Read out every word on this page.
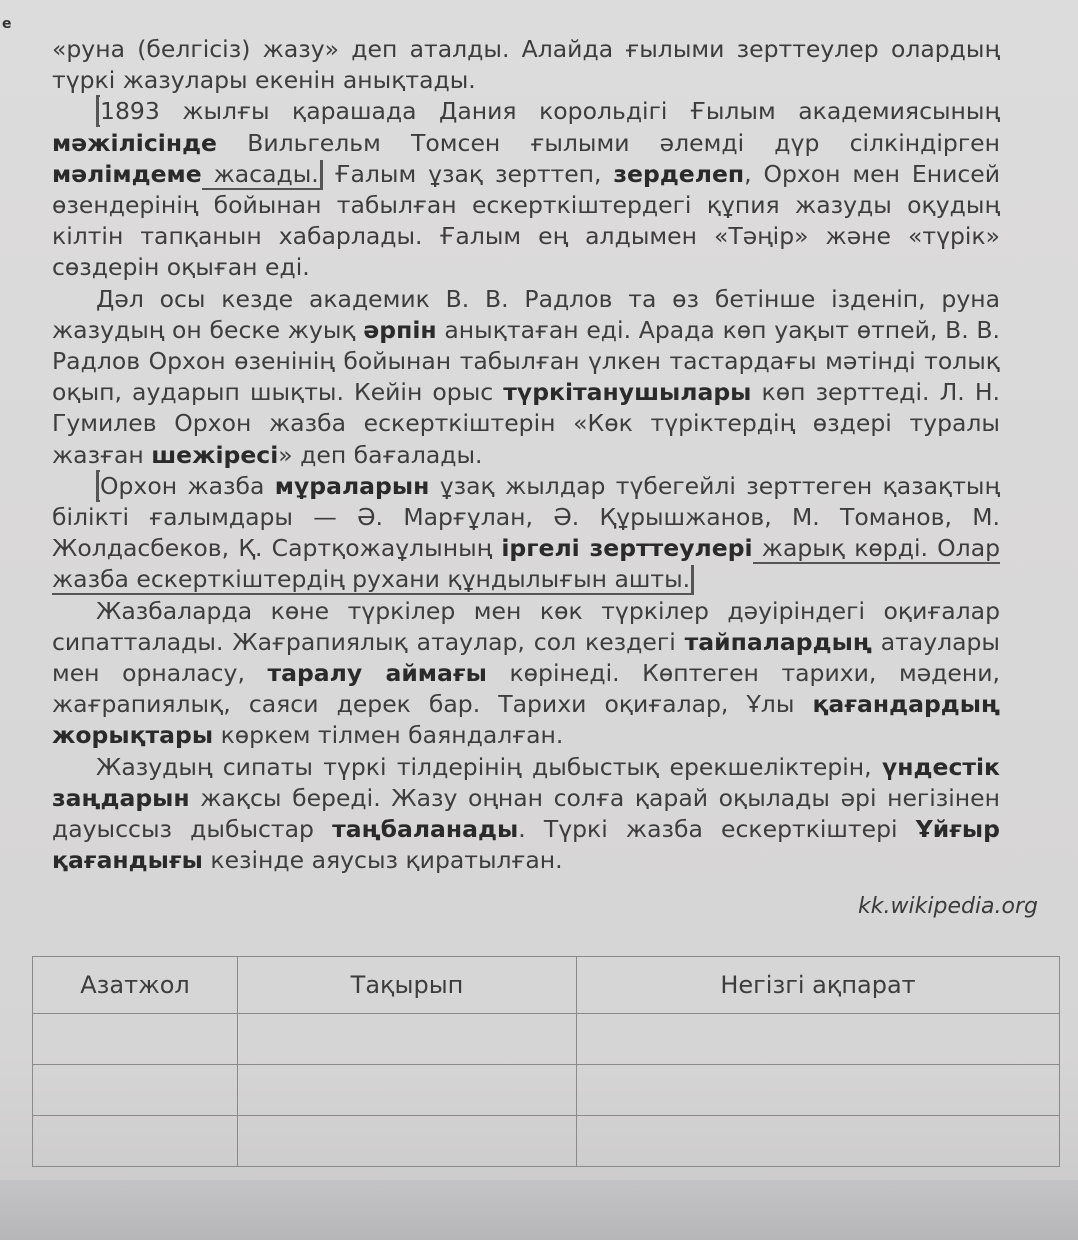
e

«руна (белгісіз) жазу» деп аталды. Алайда ғылыми зерттеулер олардың түркі жазулары екенін анықтады.

1893 жылғы қарашада Дания корольдігі Ғылым академиясының мәжілісінде Вильгельм Томсен ғылыми әлемді дүр сілкіндірген мәлімдеме жасады. Ғалым ұзақ зерттеп, зерделеп, Орхон мен Енисей өзендерінің бойынан табылған ескерткіштердегі құпия жазуды оқудың кілтін тапқанын хабарлады. Ғалым ең алдымен «Тәңір» және «түрік» сөздерін оқыған еді.

Дәл осы кезде академик В. В. Радлов та өз бетінше ізденіп, руна жазудың он бескe жуық әрпін анықтаған еді. Арада көп уақыт өтпей, В. В. Радлов Орхон өзенінің бойынан табылған үлкен тастардағы мәтінді толық оқып, аударып шықты. Кейін орыс түркітанушылары көп зерттеді. Л. Н. Гумилев Орхон жазба ескерткіштерін «Көк түріктердің өздері туралы жазған шежіресі» деп бағалады.

Орхон жазба мұраларын ұзақ жылдар түбегейлі зерттеген қазақтың білікті ғалымдары — Ә. Марғұлан, Ә. Құрышжанов, М. Томанов, М. Жолдасбеков, Қ. Сартқожаұлының іргелі зерттеулері жарық көрді. Олар жазба ескерткіштердің рухани құндылығын ашты.

Жазбаларда көне түркілер мен көк түркілер дәуіріндегі оқиғалар сипатталады. Жағрапиялық атаулар, сол кездегі тайпалардың атаулары мен орналасу, таралу аймағы көрінеді. Көптеген тарихи, мәдени, жағрапиялық, саяси дерек бар. Тарихи оқиғалар, Ұлы қағандардың жорықтары көркем тілмен баяндалған.

Жазудың сипаты түркі тілдерінің дыбыстық ерекшеліктерін, үндестік заңдарын жақсы береді. Жазу оңнан солға қарай оқылады әрі негізінен дауыссыз дыбыстар таңбаланады. Түркі жазба ескерткіштері Ұйғыр қағандығы кезінде аяусыз қиратылған.

kk.wikipedia.org
Азатжол	Тақырып	Негізгі ақпарат
